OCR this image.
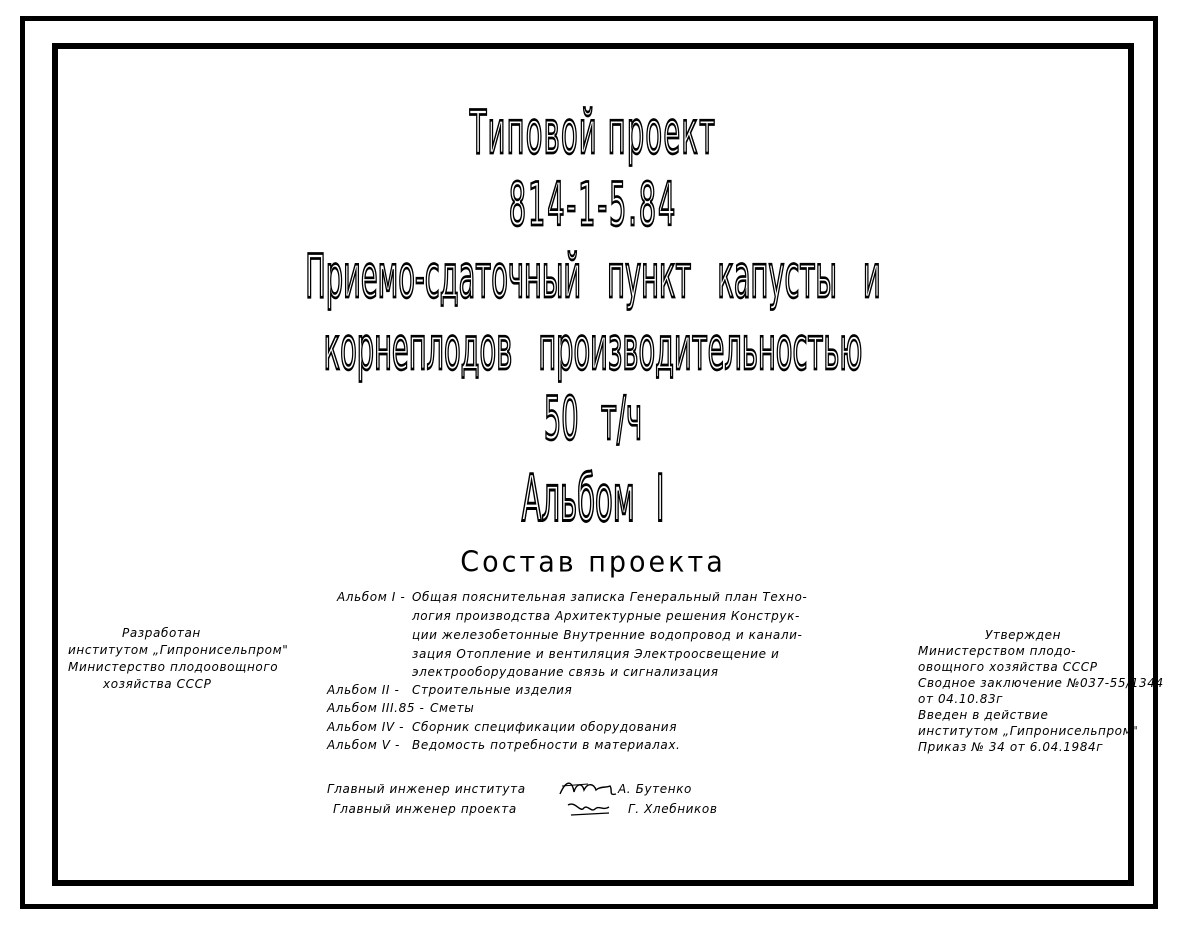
Типовой проект
814-1-5.84
Приемо-сдаточный пункт капусты и
корнеплодов производительностью
50 т/ч
Альбом I
Состав проекта
Альбом I - Общая пояснительная записка Генеральный план Техно-
логия производства Архитектурные решения Конструк-
ции железобетонные Внутренние водопровод и канали-
зация Отопление и вентиляция Электроосвещение и
электрооборудование связь и сигнализация
Альбом II - Строительные изделия
Альбом III.85 - Сметы
Альбом IV - Сборник спецификации оборудования
Альбом V - Ведомость потребности в материалах.
Разработан
институтом „Гипронисельпром"
Министерство плодоовощного
хозяйства СССР
Утвержден
Министерством плодо-
овощного хозяйства СССР
Сводное заключение №037-55/1344
от 04.10.83г
Введен в действие
институтом „Гипронисельпром"
Приказ № 34 от 6.04.1984г
Главный инженер института	А. Бутенко
Главный инженер проекта	Г. Хлебников
